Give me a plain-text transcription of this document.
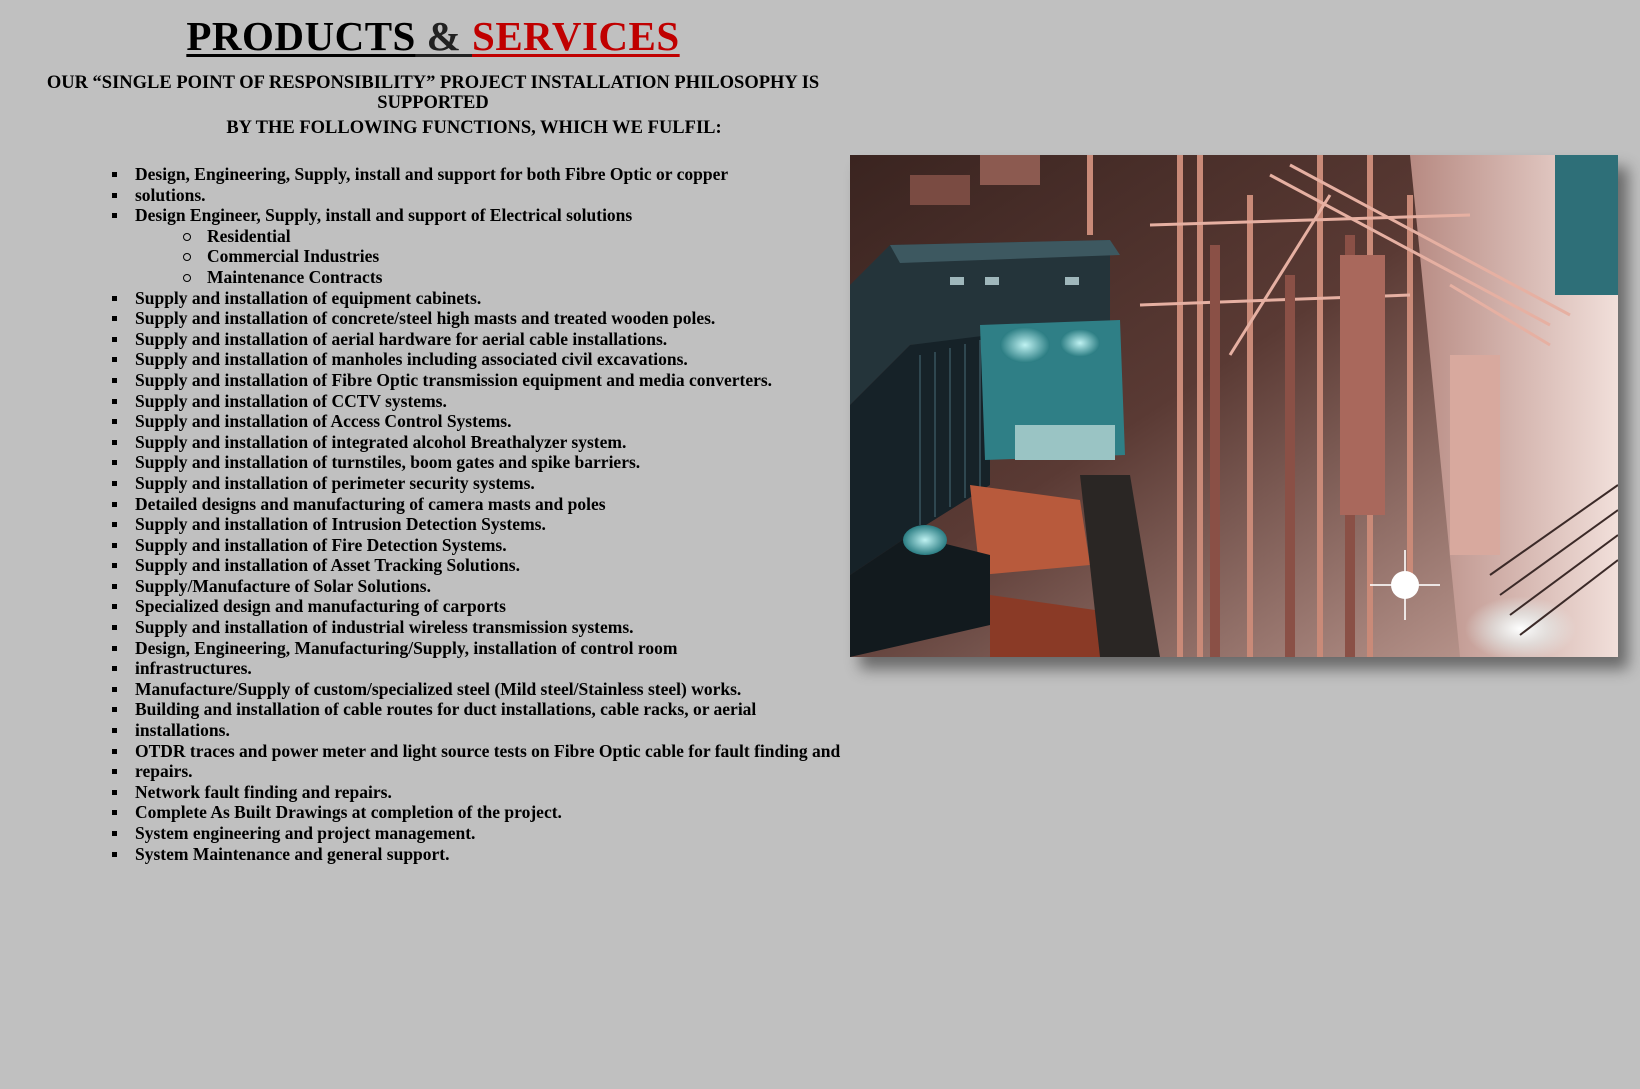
PRODUCTS & SERVICES

OUR “SINGLE POINT OF RESPONSIBILITY” PROJECT INSTALLATION PHILOSOPHY IS SUPPORTED

BY THE FOLLOWING FUNCTIONS, WHICH WE FULFIL:

Design, Engineering, Supply, install and support for both Fibre Optic or copper
solutions.
Design Engineer, Supply, install and support of Electrical solutions
Residential
Commercial Industries
Maintenance Contracts
Supply and installation of equipment cabinets.
Supply and installation of concrete/steel high masts and treated wooden poles.
Supply and installation of aerial hardware for aerial cable installations.
Supply and installation of manholes including associated civil excavations.
Supply and installation of Fibre Optic transmission equipment and media converters.
Supply and installation of CCTV systems.
Supply and installation of Access Control Systems.
Supply and installation of integrated alcohol Breathalyzer system.
Supply and installation of turnstiles, boom gates and spike barriers.
Supply and installation of perimeter security systems.
Detailed designs and manufacturing of camera masts and poles
Supply and installation of Intrusion Detection Systems.
Supply and installation of Fire Detection Systems.
Supply and installation of Asset Tracking Solutions.
Supply/Manufacture of Solar Solutions.
Specialized design and manufacturing of carports
Supply and installation of industrial wireless transmission systems.
Design, Engineering, Manufacturing/Supply, installation of control room
infrastructures.
Manufacture/Supply of custom/specialized steel (Mild steel/Stainless steel) works.
Building and installation of cable routes for duct installations, cable racks, or aerial
installations.
OTDR traces and power meter and light source tests on Fibre Optic cable for fault finding and
repairs.
Network fault finding and repairs.
Complete As Built Drawings at completion of the project.
System engineering and project management.
System Maintenance and general support.
